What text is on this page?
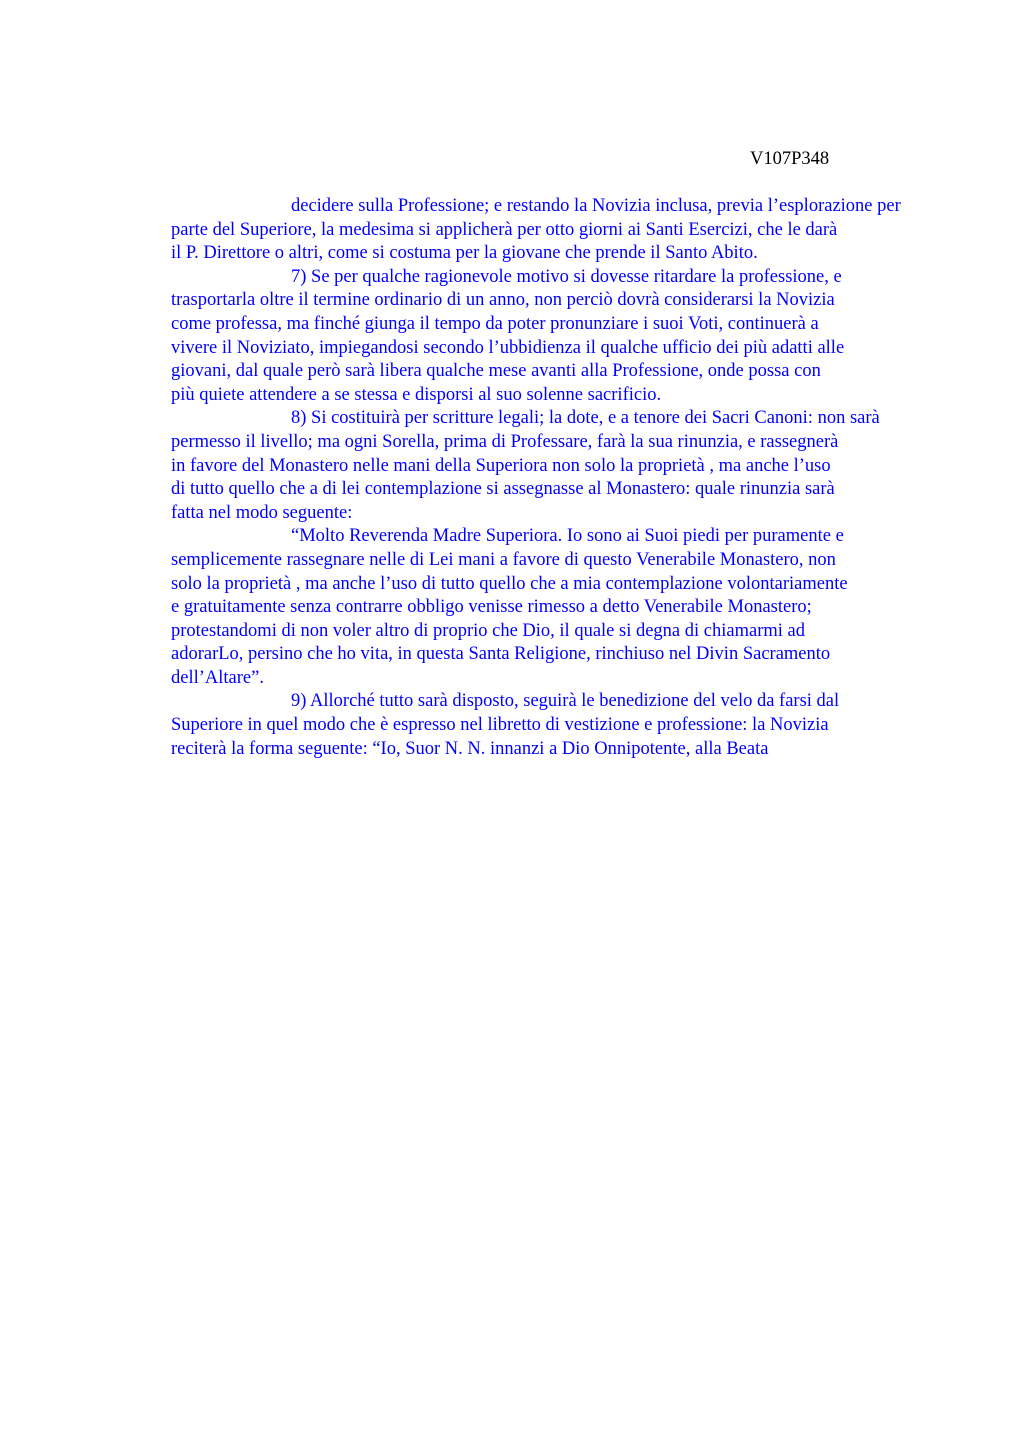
V107P348
decidere sulla Professione; e restando la Novizia inclusa, previa l’esplorazione per
parte del Superiore, la medesima si applicherà per otto giorni ai Santi Esercizi, che le darà
il P. Direttore o altri, come si costuma per la giovane che prende il Santo Abito.
7) Se per qualche ragionevole motivo si dovesse ritardare la professione, e
trasportarla oltre il termine ordinario di un anno, non perciò dovrà considerarsi la Novizia
come professa, ma finché giunga il tempo da poter pronunziare i suoi Voti, continuerà a
vivere il Noviziato, impiegandosi secondo l’ubbidienza il qualche ufficio dei più adatti alle
giovani, dal quale però sarà libera qualche mese avanti alla Professione, onde possa con
più quiete attendere a se stessa e disporsi al suo solenne sacrificio.
8) Si costituirà per scritture legali; la dote, e a tenore dei Sacri Canoni: non sarà
permesso il livello; ma ogni Sorella, prima di Professare, farà la sua rinunzia, e rassegnerà
in favore del Monastero nelle mani della Superiora non solo la proprietà , ma anche l’uso
di tutto quello che a di lei contemplazione si assegnasse al Monastero: quale rinunzia sarà
fatta nel modo seguente:
“Molto Reverenda Madre Superiora. Io sono ai Suoi piedi per puramente e
semplicemente rassegnare nelle di Lei mani a favore di questo Venerabile Monastero, non
solo la proprietà , ma anche l’uso di tutto quello che a mia contemplazione volontariamente
e gratuitamente senza contrarre obbligo venisse rimesso a detto Venerabile Monastero;
protestandomi di non voler altro di proprio che Dio, il quale si degna di chiamarmi ad
adorarLo, persino che ho vita, in questa Santa Religione, rinchiuso nel Divin Sacramento
dell’Altare”.
9) Allorché tutto sarà disposto, seguirà le benedizione del velo da farsi dal
Superiore in quel modo che è espresso nel libretto di vestizione e professione: la Novizia
reciterà la forma seguente: “Io, Suor N. N. innanzi a Dio Onnipotente, alla Beata
